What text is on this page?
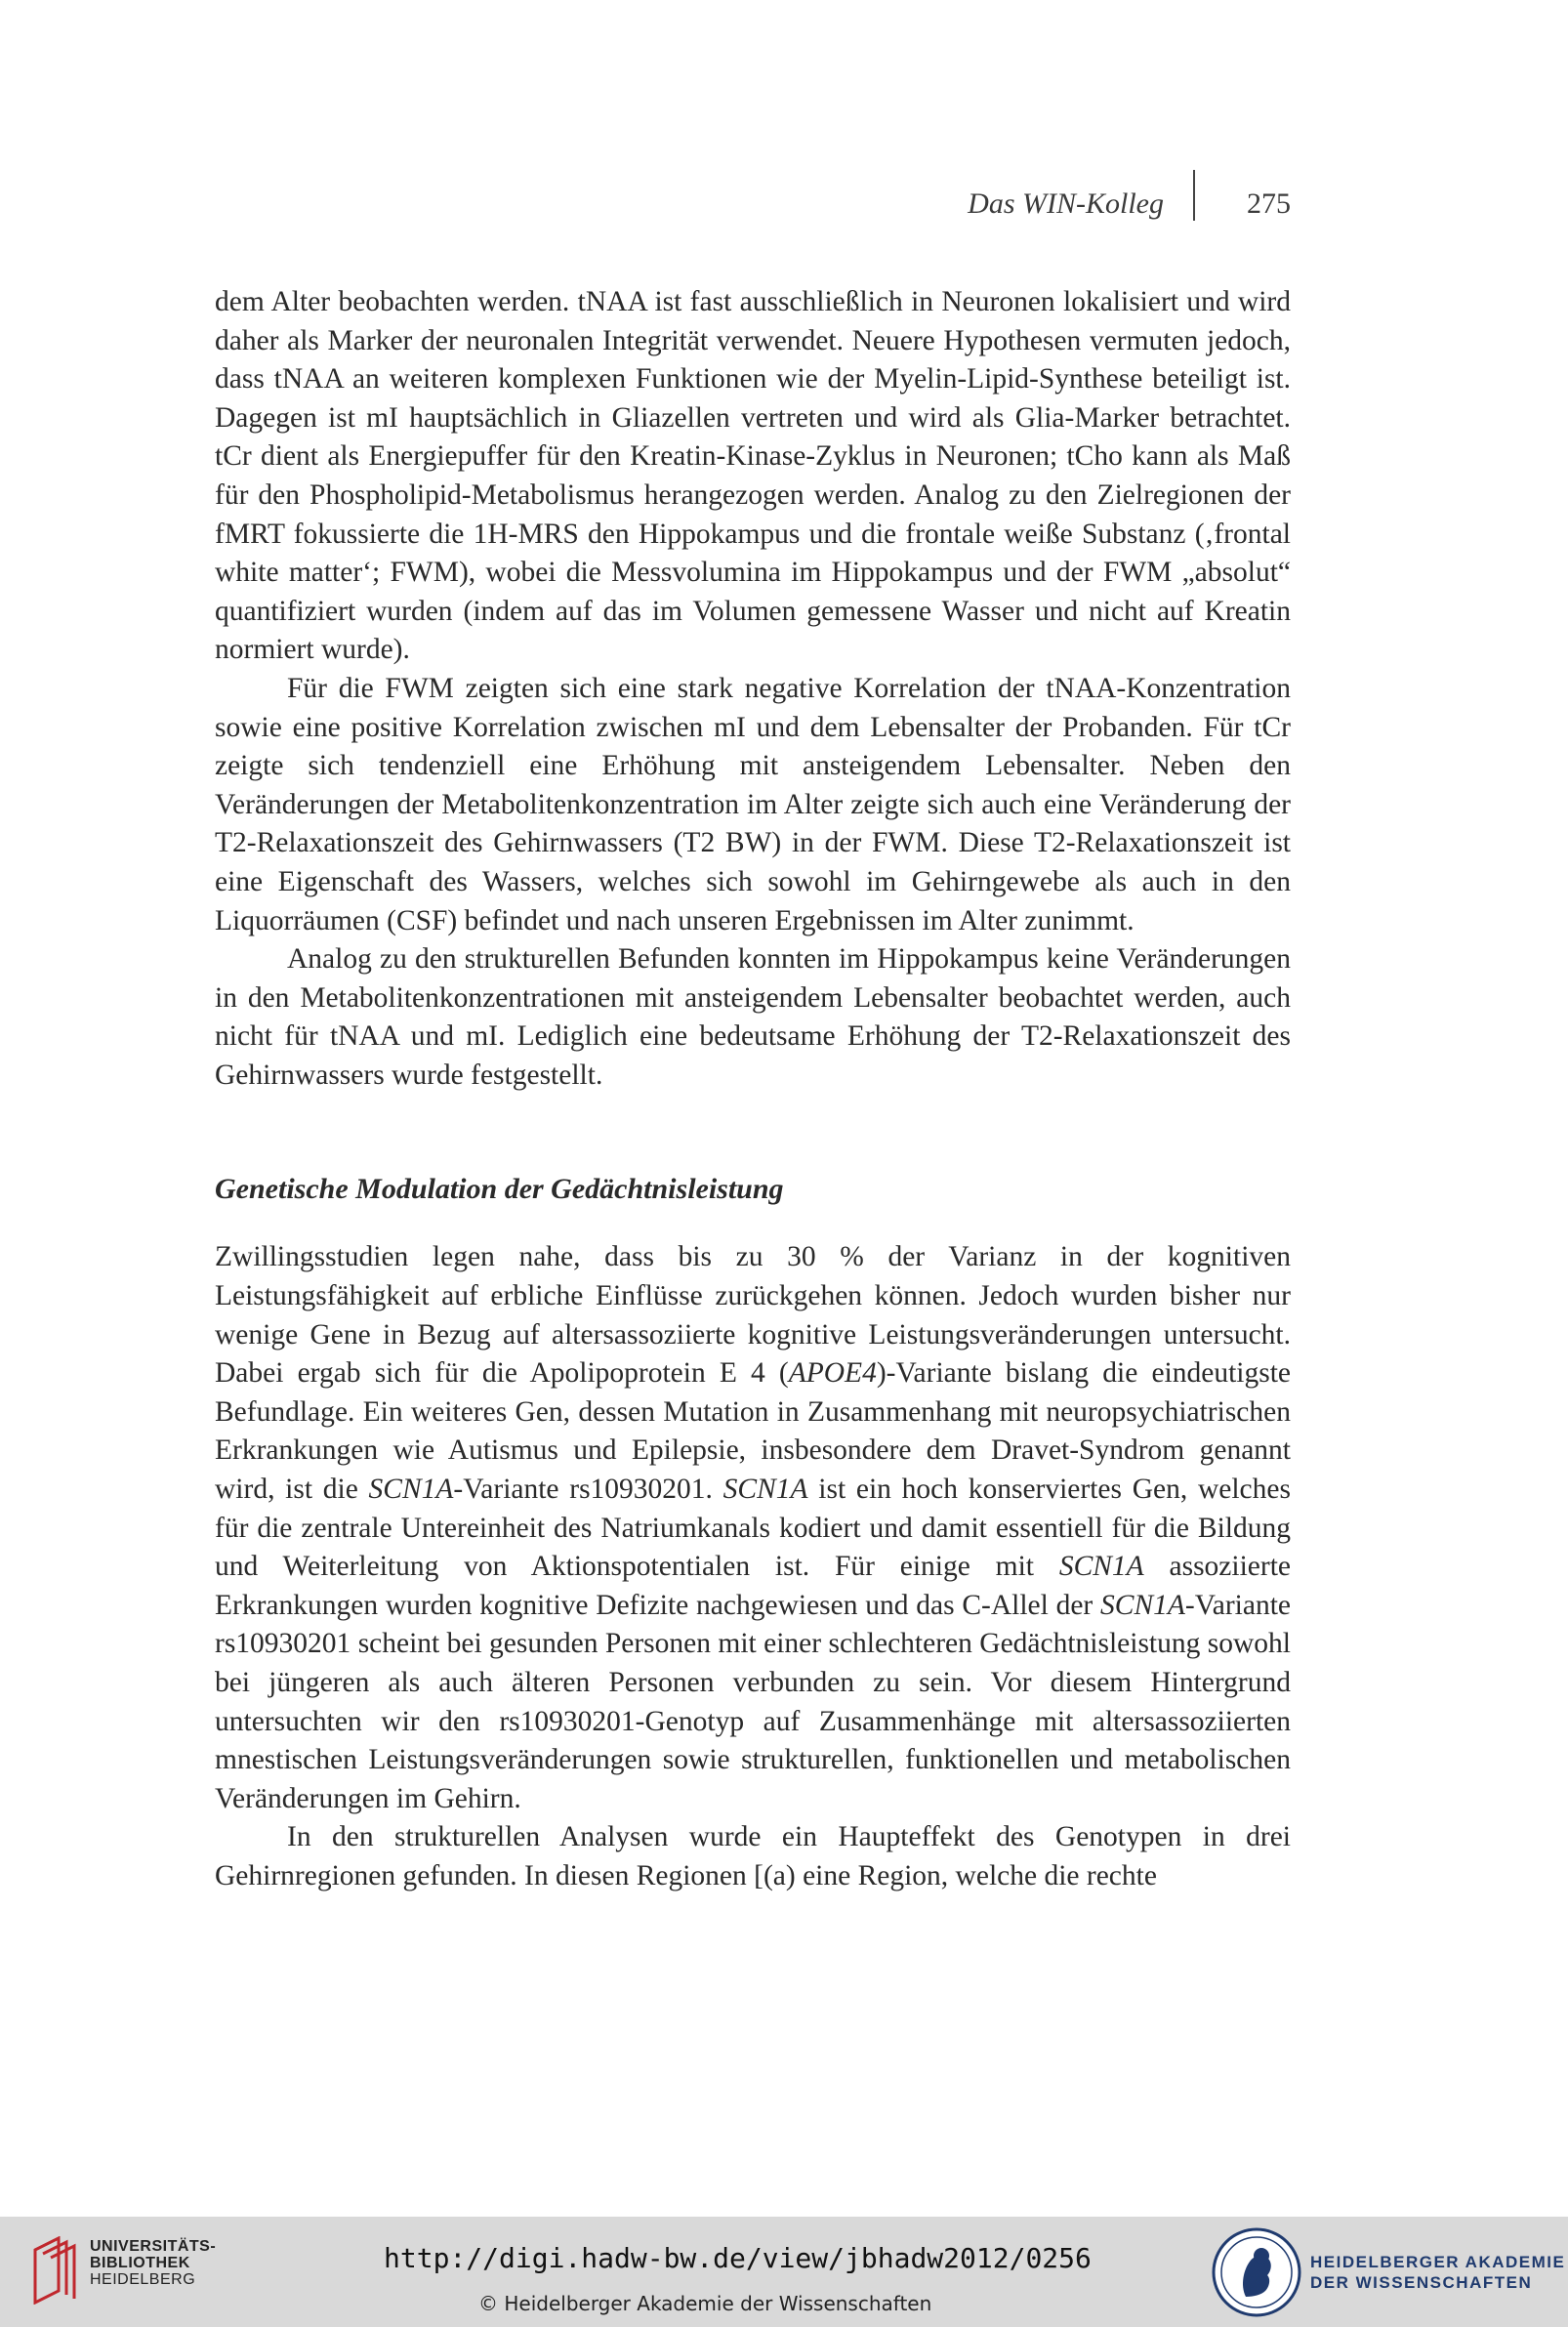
Das WIN-Kolleg	275

dem Alter beobachten werden. tNAA ist fast ausschließlich in Neuronen lokalisiert und wird daher als Marker der neuronalen Integrität verwendet. Neuere Hypothesen vermuten jedoch, dass tNAA an weiteren komplexen Funktionen wie der Myelin-Lipid-Synthese beteiligt ist. Dagegen ist mI hauptsächlich in Gliazellen vertreten und wird als Glia-Marker betrachtet. tCr dient als Energiepuffer für den Kreatin-Kinase-Zyklus in Neuronen; tCho kann als Maß für den Phospholipid-Metabolismus herangezogen werden. Analog zu den Zielregionen der fMRT fokussierte die 1H-MRS den Hippokampus und die frontale weiße Substanz (‚frontal white matter‘; FWM), wobei die Messvolumina im Hippokampus und der FWM „absolut“ quantifiziert wurden (indem auf das im Volumen gemessene Wasser und nicht auf Kreatin normiert wurde).

Für die FWM zeigten sich eine stark negative Korrelation der tNAA-Konzentration sowie eine positive Korrelation zwischen mI und dem Lebensalter der Probanden. Für tCr zeigte sich tendenziell eine Erhöhung mit ansteigendem Lebensalter. Neben den Veränderungen der Metabolitenkonzentration im Alter zeigte sich auch eine Veränderung der T2-Relaxationszeit des Gehirnwassers (T2 BW) in der FWM. Diese T2-Relaxationszeit ist eine Eigenschaft des Wassers, welches sich sowohl im Gehirngewebe als auch in den Liquorräumen (CSF) befindet und nach unseren Ergebnissen im Alter zunimmt.

Analog zu den strukturellen Befunden konnten im Hippokampus keine Veränderungen in den Metabolitenkonzentrationen mit ansteigendem Lebensalter beobachtet werden, auch nicht für tNAA und mI. Lediglich eine bedeutsame Erhöhung der T2-Relaxationszeit des Gehirnwassers wurde festgestellt.

Genetische Modulation der Gedächtnisleistung

Zwillingsstudien legen nahe, dass bis zu 30 % der Varianz in der kognitiven Leistungsfähigkeit auf erbliche Einflüsse zurückgehen können. Jedoch wurden bisher nur wenige Gene in Bezug auf altersassoziierte kognitive Leistungsveränderungen untersucht. Dabei ergab sich für die Apolipoprotein E 4 (APOE4)-Variante bislang die eindeutigste Befundlage. Ein weiteres Gen, dessen Mutation in Zusammenhang mit neuropsychiatrischen Erkrankungen wie Autismus und Epilepsie, insbesondere dem Dravet-Syndrom genannt wird, ist die SCN1A-Variante rs10930201. SCN1A ist ein hoch konserviertes Gen, welches für die zentrale Untereinheit des Natriumkanals kodiert und damit essentiell für die Bildung und Weiterleitung von Aktionspotentialen ist. Für einige mit SCN1A assoziierte Erkrankungen wurden kognitive Defizite nachgewiesen und das C-Allel der SCN1A-Variante rs10930201 scheint bei gesunden Personen mit einer schlechteren Gedächtnisleistung sowohl bei jüngeren als auch älteren Personen verbunden zu sein. Vor diesem Hintergrund untersuchten wir den rs10930201-Genotyp auf Zusammenhänge mit altersassoziierten mnestischen Leistungsveränderungen sowie strukturellen, funktionellen und metabolischen Veränderungen im Gehirn.

In den strukturellen Analysen wurde ein Haupteffekt des Genotypen in drei Gehirnregionen gefunden. In diesen Regionen [(a) eine Region, welche die rechte

UNIVERSITÄTS-
BIBLIOTHEK
HEIDELBERG
http://digi.hadw-bw.de/view/jbhadw2012/0256
© Heidelberger Akademie der Wissenschaften
HEIDELBERGER AKADEMIE
DER WISSENSCHAFTEN
